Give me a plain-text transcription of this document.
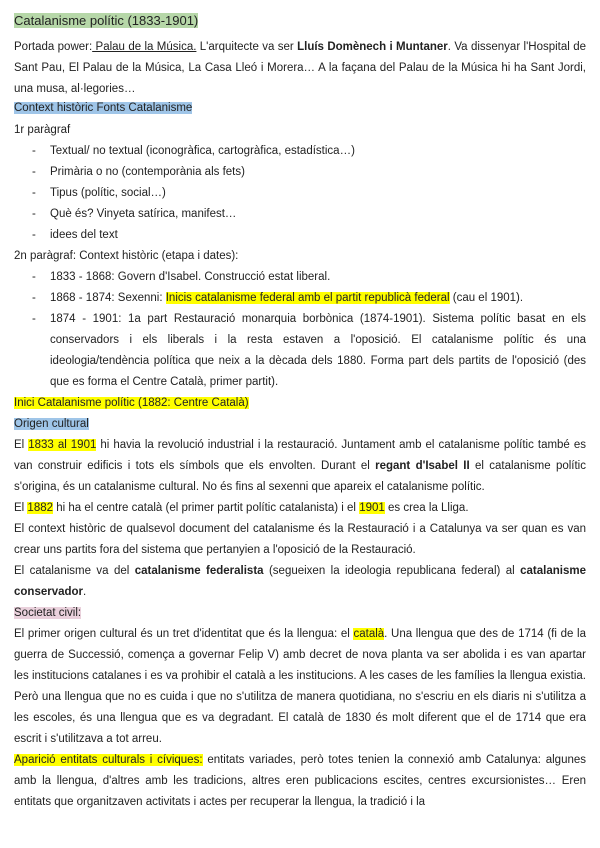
Catalanisme polític (1833-1901)
Portada power: Palau de la Música. L'arquitecte va ser Lluís Domènech i Muntaner. Va dissenyar l'Hospital de Sant Pau, El Palau de la Música, La Casa Lleó i Morera… A la façana del Palau de la Música hi ha Sant Jordi, una musa, al·legories…
Context històric Fonts Catalanisme
1r paràgraf
- Textual/ no textual (iconogràfica, cartogràfica, estadística…)
- Primària o no (contemporània als fets)
- Tipus (polític, social…)
- Què és? Vinyeta satírica, manifest…
- idees del text
2n paràgraf: Context històric (etapa i dates):
- 1833 - 1868: Govern d'Isabel. Construcció estat liberal.
- 1868 - 1874: Sexenni: Inicis catalanisme federal amb el partit republicà federal (cau el 1901).
- 1874 - 1901: 1a part Restauració monarquia borbònica (1874-1901). Sistema polític basat en els conservadors i els liberals i la resta estaven a l'oposició. El catalanisme polític és una ideologia/tendència política que neix a la dècada dels 1880. Forma part dels partits de l'oposició (des que es forma el Centre Català, primer partit).
Inici Catalanisme polític (1882: Centre Català)
Origen cultural
El 1833 al 1901 hi havia la revolució industrial i la restauració. Juntament amb el catalanisme polític també es van construir edificis i tots els símbols que els envolten. Durant el regant d'Isabel II el catalanisme polític s'origina, és un catalanisme cultural. No és fins al sexenni que apareix el catalanisme polític.
El 1882 hi ha el centre català (el primer partit polític catalanista) i el 1901 es crea la Lliga.
El context històric de qualsevol document del catalanisme és la Restauració i a Catalunya va ser quan es van crear uns partits fora del sistema que pertanyien a l'oposició de la Restauració.
El catalanisme va del catalanisme federalista (segueixen la ideologia republicana federal) al catalanisme conservador.
Societat civil:
El primer origen cultural és un tret d'identitat que és la llengua: el català. Una llengua que des de 1714 (fi de la guerra de Successió, comença a governar Felip V) amb decret de nova planta va ser abolida i es van apartar les institucions catalanes i es va prohibir el català a les institucions. A les cases de les famílies la llengua existia. Però una llengua que no es cuida i que no s'utilitza de manera quotidiana, no s'escriu en els diaris ni s'utilitza a les escoles, és una llengua que es va degradant. El català de 1830 és molt diferent que el de 1714 que era escrit i s'utilitzava a tot arreu.
Aparició entitats culturals i cíviques: entitats variades, però totes tenien la connexió amb Catalunya: algunes amb la llengua, d'altres amb les tradicions, altres eren publicacions escites, centres excursionistes… Eren entitats que organitzaven activitats i actes per recuperar la llengua, la tradició i la
